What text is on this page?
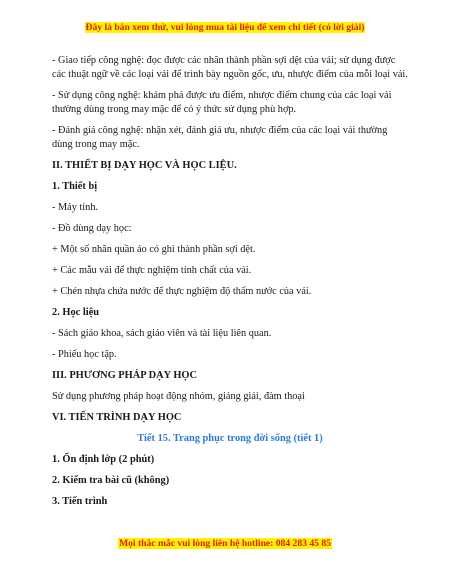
Đây là bản xem thử, vui lòng mua tài liệu để xem chi tiết (có lời giải)

- Giao tiếp công nghệ: đọc được các nhãn thành phần sợi dệt của vải; sử dụng được các thuật ngữ về các loại vải để trình bày nguồn gốc, ưu, nhược điểm của mỗi loại vải.

- Sử dụng công nghệ: khám phá được ưu điểm, nhược điểm chung của các loại vải thường dùng trong may mặc để có ý thức sử dụng phù hợp.

- Đánh giá công nghệ: nhận xét, đánh giá ưu, nhược điểm của các loại vải thường dùng trong may mặc.

II. THIẾT BỊ DẠY HỌC VÀ HỌC LIỆU.

1. Thiết bị

- Máy tính.

- Đồ dùng dạy học:

+ Một số nhãn quần áo có ghi thành phần sợi dệt.

+ Các mẫu vải để thực nghiệm tính chất của vải.

+ Chén nhựa chứa nước để thực nghiệm độ thấm nước của vải.

2. Học liệu

- Sách giáo khoa, sách giáo viên và tài liệu liên quan.

- Phiếu học tập.

III. PHƯƠNG PHÁP DẠY HỌC

Sử dụng phương pháp hoạt động nhóm, giảng giải, đàm thoại

VI. TIẾN TRÌNH DẠY HỌC

Tiết 15. Trang phục trong đời sống (tiết 1)

1. Ổn định lớp (2 phút)

2. Kiểm tra bài cũ (không)

3. Tiến trình

Mọi thắc mắc vui lòng liên hệ hotline: 084 283 45 85
